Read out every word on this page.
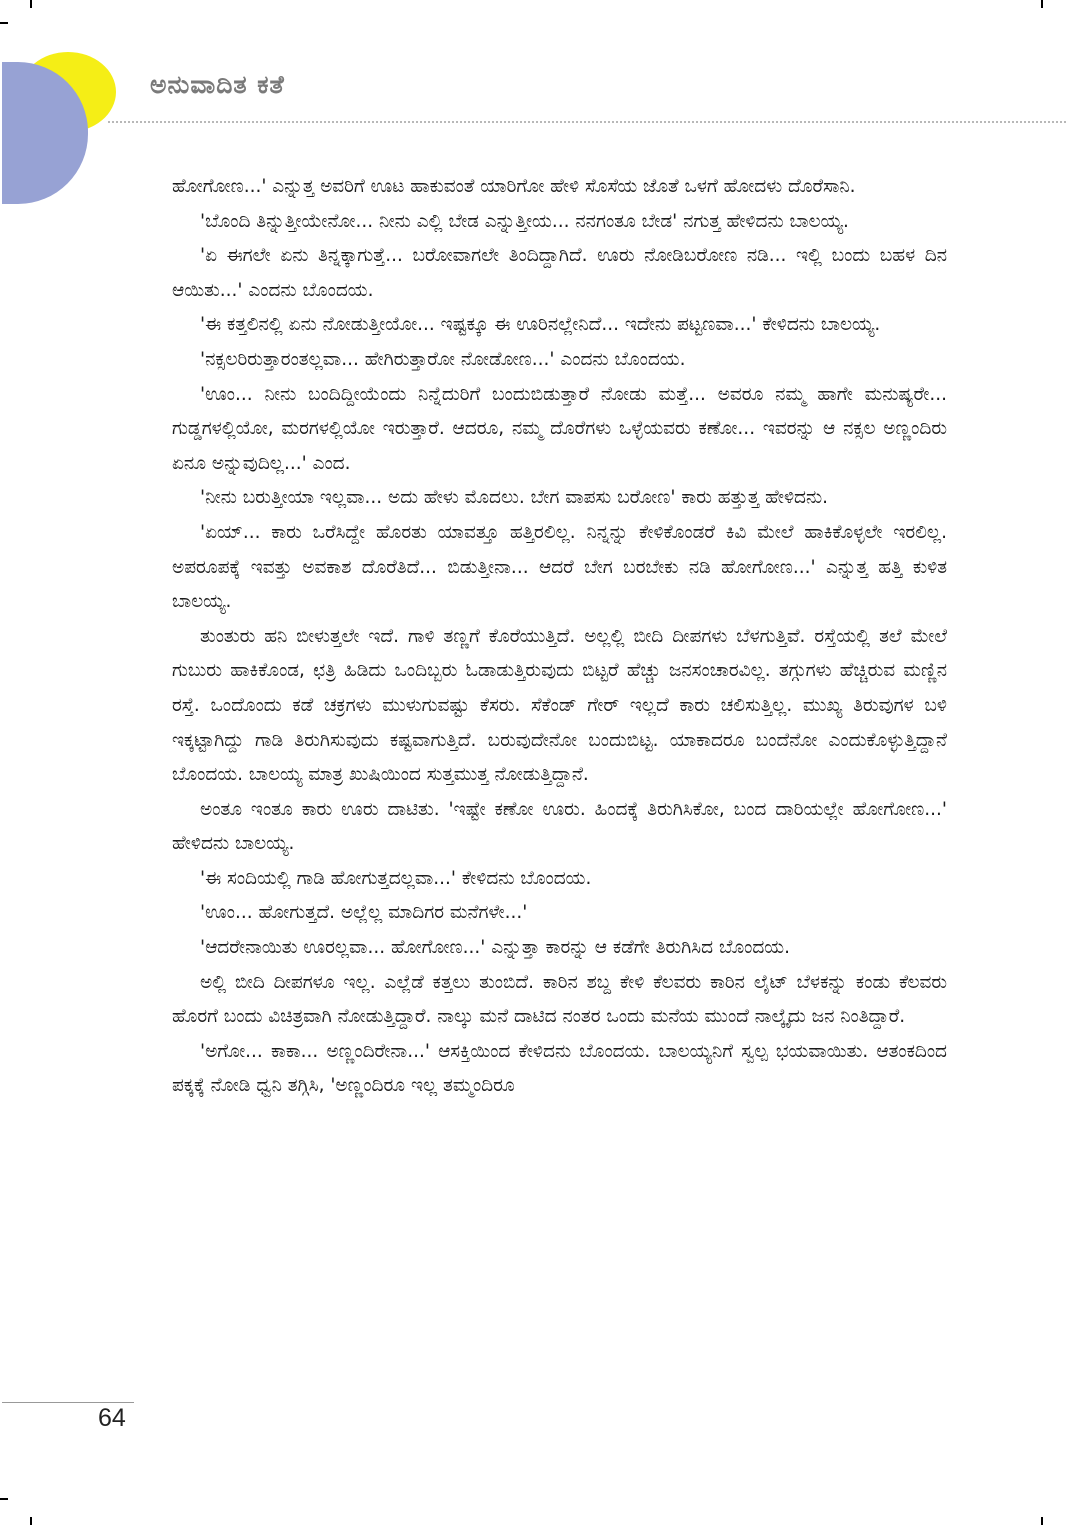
ಅನುವಾದಿತ ಕತೆ

ಹೋಗೋಣ...' ಎನ್ನುತ್ತ ಅವರಿಗೆ ಊಟ ಹಾಕುವಂತೆ ಯಾರಿಗೋ ಹೇಳಿ ಸೊಸೆಯ ಜೊತೆ ಒಳಗೆ ಹೋದಳು ದೊರೆಸಾನಿ.

'ಬೊಂದಿ ತಿನ್ನುತ್ತೀಯೇನೋ... ನೀನು ಎಲ್ಲಿ ಬೇಡ ಎನ್ನುತ್ತೀಯ... ನನಗಂತೂ ಬೇಡ' ನಗುತ್ತ ಹೇಳಿದನು ಬಾಲಯ್ಯ.

'ಏ ಈಗಲೇ ಏನು ತಿನ್ನಕ್ಕಾಗುತ್ತೆ... ಬರೋವಾಗಲೇ ತಿಂದಿದ್ದಾಗಿದೆ. ಊರು ನೋಡಿಬರೋಣ ನಡಿ... ಇಲ್ಲಿ ಬಂದು ಬಹಳ ದಿನ ಆಯಿತು...' ಎಂದನು ಬೊಂದಯ.

'ಈ ಕತ್ತಲಿನಲ್ಲಿ ಏನು ನೋಡುತ್ತೀಯೋ... ಇಷ್ಟಕ್ಕೂ ಈ ಊರಿನಲ್ಲೇನಿದೆ... ಇದೇನು ಪಟ್ಟಣವಾ...' ಕೇಳಿದನು ಬಾಲಯ್ಯ.

'ನಕ್ಸಲರಿರುತ್ತಾರಂತಲ್ಲವಾ... ಹೇಗಿರುತ್ತಾರೋ ನೋಡೋಣ...' ಎಂದನು ಬೊಂದಯ.

'ಊಂ... ನೀನು ಬಂದಿದ್ದೀಯೆಂದು ನಿನ್ನೆದುರಿಗೆ ಬಂದುಬಿಡುತ್ತಾರೆ ನೋಡು ಮತ್ತೆ... ಅವರೂ ನಮ್ಮ ಹಾಗೇ ಮನುಷ್ಯರೇ... ಗುಡ್ಡಗಳಲ್ಲಿಯೋ, ಮರಗಳಲ್ಲಿಯೋ ಇರುತ್ತಾರೆ. ಆದರೂ, ನಮ್ಮ ದೊರೆಗಳು ಒಳ್ಳೆಯವರು ಕಣೋ... ಇವರನ್ನು ಆ ನಕ್ಸಲ ಅಣ್ಣಂದಿರು ಏನೂ ಅನ್ನುವುದಿಲ್ಲ...' ಎಂದ.

'ನೀನು ಬರುತ್ತೀಯಾ ಇಲ್ಲವಾ... ಅದು ಹೇಳು ಮೊದಲು. ಬೇಗ ವಾಪಸು ಬರೋಣ' ಕಾರು ಹತ್ತುತ್ತ ಹೇಳಿದನು.

'ಏಯ್... ಕಾರು ಒರೆಸಿದ್ದೇ ಹೊರತು ಯಾವತ್ತೂ ಹತ್ತಿರಲಿಲ್ಲ. ನಿನ್ನನ್ನು ಕೇಳಿಕೊಂಡರೆ ಕಿವಿ ಮೇಲೆ ಹಾಕಿಕೊಳ್ಳಲೇ ಇರಲಿಲ್ಲ. ಅಪರೂಪಕ್ಕೆ ಇವತ್ತು ಅವಕಾಶ ದೊರೆತಿದೆ... ಬಿಡುತ್ತೀನಾ... ಆದರೆ ಬೇಗ ಬರಬೇಕು ನಡಿ ಹೋಗೋಣ...' ಎನ್ನುತ್ತ ಹತ್ತಿ ಕುಳಿತ ಬಾಲಯ್ಯ.

ತುಂತುರು ಹನಿ ಬೀಳುತ್ತಲೇ ಇದೆ. ಗಾಳಿ ತಣ್ಣಗೆ ಕೊರೆಯುತ್ತಿದೆ. ಅಲ್ಲಲ್ಲಿ ಬೀದಿ ದೀಪಗಳು ಬೆಳಗುತ್ತಿವೆ. ರಸ್ತೆಯಲ್ಲಿ ತಲೆ ಮೇಲೆ ಗುಬುರು ಹಾಕಿಕೊಂಡ, ಛತ್ರಿ ಹಿಡಿದು ಒಂದಿಬ್ಬರು ಓಡಾಡುತ್ತಿರುವುದು ಬಿಟ್ಟರೆ ಹೆಚ್ಚು ಜನಸಂಚಾರವಿಲ್ಲ. ತಗ್ಗುಗಳು ಹೆಚ್ಚಿರುವ ಮಣ್ಣಿನ ರಸ್ತೆ. ಒಂದೊಂದು ಕಡೆ ಚಕ್ರಗಳು ಮುಳುಗುವಷ್ಟು ಕೆಸರು. ಸೆಕೆಂಡ್ ಗೇರ್ ಇಲ್ಲದೆ ಕಾರು ಚಲಿಸುತ್ತಿಲ್ಲ. ಮುಖ್ಯ ತಿರುವುಗಳ ಬಳಿ ಇಕ್ಕಟ್ಟಾಗಿದ್ದು ಗಾಡಿ ತಿರುಗಿಸುವುದು ಕಷ್ಟವಾಗುತ್ತಿದೆ. ಬರುವುದೇನೋ ಬಂದುಬಿಟ್ಟ. ಯಾಕಾದರೂ ಬಂದೆನೋ ಎಂದುಕೊಳ್ಳುತ್ತಿದ್ದಾನೆ ಬೊಂದಯ. ಬಾಲಯ್ಯ ಮಾತ್ರ ಖುಷಿಯಿಂದ ಸುತ್ತಮುತ್ತ ನೋಡುತ್ತಿದ್ದಾನೆ.

ಅಂತೂ ಇಂತೂ ಕಾರು ಊರು ದಾಟಿತು. 'ಇಷ್ಟೇ ಕಣೋ ಊರು. ಹಿಂದಕ್ಕೆ ತಿರುಗಿಸಿಕೋ, ಬಂದ ದಾರಿಯಲ್ಲೇ ಹೋಗೋಣ...' ಹೇಳಿದನು ಬಾಲಯ್ಯ.

'ಈ ಸಂದಿಯಲ್ಲಿ ಗಾಡಿ ಹೋಗುತ್ತದಲ್ಲವಾ...' ಕೇಳಿದನು ಬೊಂದಯ.

'ಊಂ... ಹೋಗುತ್ತದೆ. ಅಲ್ಲೆಲ್ಲ ಮಾದಿಗರ ಮನೆಗಳೇ...'

'ಆದರೇನಾಯಿತು ಊರಲ್ಲವಾ... ಹೋಗೋಣ...' ಎನ್ನುತ್ತಾ ಕಾರನ್ನು ಆ ಕಡೆಗೇ ತಿರುಗಿಸಿದ ಬೊಂದಯ.

ಅಲ್ಲಿ ಬೀದಿ ದೀಪಗಳೂ ಇಲ್ಲ. ಎಲ್ಲೆಡೆ ಕತ್ತಲು ತುಂಬಿದೆ. ಕಾರಿನ ಶಬ್ದ ಕೇಳಿ ಕೆಲವರು ಕಾರಿನ ಲೈಟ್ ಬೆಳಕನ್ನು ಕಂಡು ಕೆಲವರು ಹೊರಗೆ ಬಂದು ವಿಚಿತ್ರವಾಗಿ ನೋಡುತ್ತಿದ್ದಾರೆ. ನಾಲ್ಕು ಮನೆ ದಾಟಿದ ನಂತರ ಒಂದು ಮನೆಯ ಮುಂದೆ ನಾಲ್ಕೈದು ಜನ ನಿಂತಿದ್ದಾರೆ.

'ಅಗೋ... ಕಾಕಾ... ಅಣ್ಣಂದಿರೇನಾ...' ಆಸಕ್ತಿಯಿಂದ ಕೇಳಿದನು ಬೊಂದಯ. ಬಾಲಯ್ಯನಿಗೆ ಸ್ವಲ್ಪ ಭಯವಾಯಿತು. ಆತಂಕದಿಂದ ಪಕ್ಕಕ್ಕೆ ನೋಡಿ ಧ್ವನಿ ತಗ್ಗಿಸಿ, 'ಅಣ್ಣಂದಿರೂ ಇಲ್ಲ ತಮ್ಮಂದಿರೂ

64
